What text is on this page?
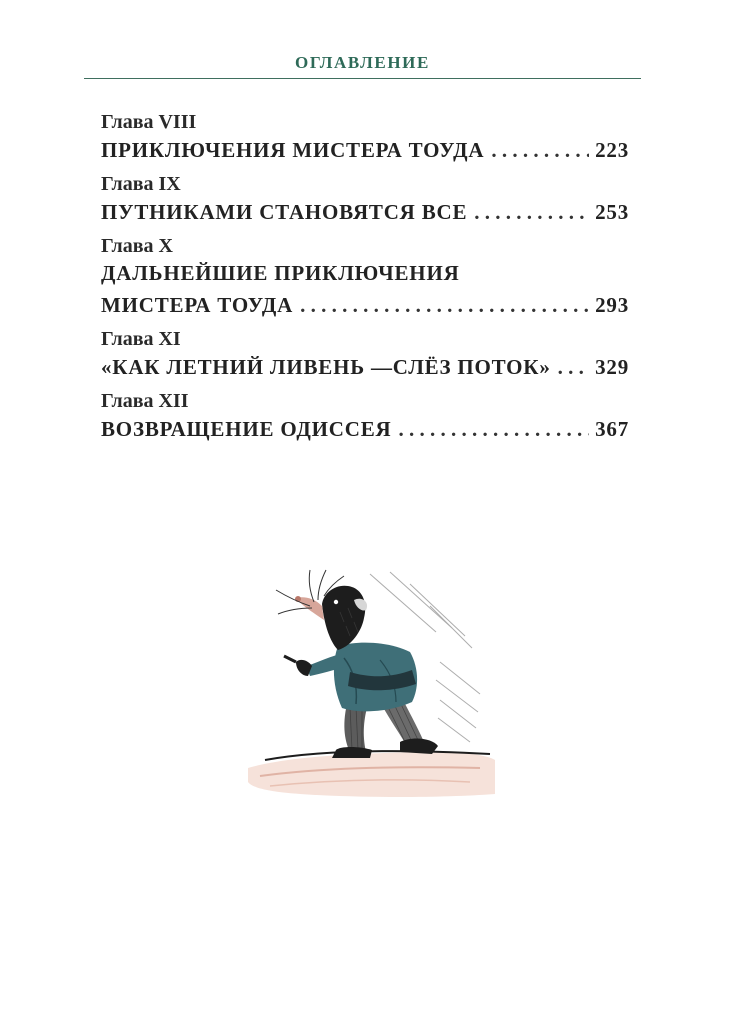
ОГЛАВЛЕНИЕ
Глава VIII
ПРИКЛЮЧЕНИЯ МИСТЕРА ТОУДА . . .	223
Глава IX
ПУТНИКАМИ СТАНОВЯТСЯ ВСЕ . . .	253
Глава X
ДАЛЬНЕЙШИЕ ПРИКЛЮЧЕНИЯ
МИСТЕРА ТОУДА . . .	293
Глава XI
«КАК ЛЕТНИЙ ЛИВЕНЬ —СЛЁЗ ПОТОК» . . . 329
Глава XII
ВОЗВРАЩЕНИЕ ОДИССЕЯ . . .	367
